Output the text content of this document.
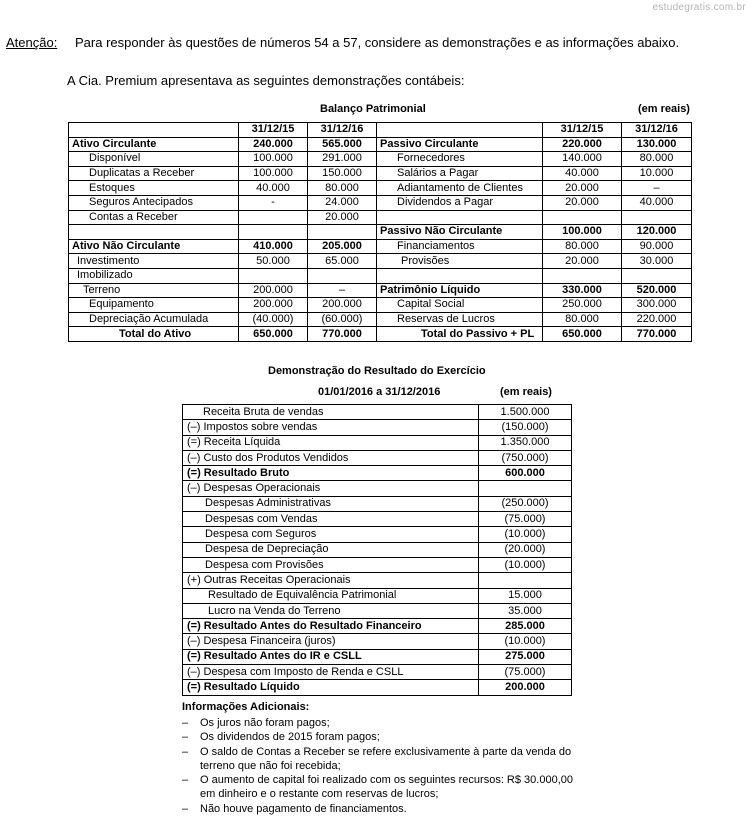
estudegratis.com.br
Atenção: Para responder às questões de números 54 a 57, considere as demonstrações e as informações abaixo.
A Cia. Premium apresentava as seguintes demonstrações contábeis:
Balanço Patrimonial	(em reais)
	31/12/15	31/12/16		31/12/15	31/12/16
Ativo Circulante	240.000	565.000	Passivo Circulante	220.000	130.000
Disponível	100.000	291.000	Fornecedores	140.000	80.000
Duplicatas a Receber	100.000	150.000	Salários a Pagar	40.000	10.000
Estoques	40.000	80.000	Adiantamento de Clientes	20.000	–
Seguros Antecipados	-	24.000	Dividendos a Pagar	20.000	40.000
Contas a Receber		20.000			
			Passivo Não Circulante	100.000	120.000
Ativo Não Circulante	410.000	205.000	Financiamentos	80.000	90.000
Investimento	50.000	65.000	Provisões	20.000	30.000
Imobilizado					
Terreno	200.000	–	Patrimônio Líquido	330.000	520.000
Equipamento	200.000	200.000	Capital Social	250.000	300.000
Depreciação Acumulada	(40.000)	(60.000)	Reservas de Lucros	80.000	220.000
Total do Ativo	650.000	770.000	Total do Passivo + PL	650.000	770.000
Demonstração do Resultado do Exercício
01/01/2016 a 31/12/2016	(em reais)
Receita Bruta de vendas	1.500.000
(–) Impostos sobre vendas	(150.000)
(=) Receita Líquida	1.350.000
(–) Custo dos Produtos Vendidos	(750.000)
(=) Resultado Bruto	600.000
(–) Despesas Operacionais	
Despesas Administrativas	(250.000)
Despesas com Vendas	(75.000)
Despesa com Seguros	(10.000)
Despesa de Depreciação	(20.000)
Despesa com Provisões	(10.000)
(+) Outras Receitas Operacionais	
Resultado de Equivalência Patrimonial	15.000
Lucro na Venda do Terreno	35.000
(=) Resultado Antes do Resultado Financeiro	285.000
(–) Despesa Financeira (juros)	(10.000)
(=) Resultado Antes do IR e CSLL	275.000
(–) Despesa com Imposto de Renda e CSLL	(75.000)
(=) Resultado Líquido	200.000
Informações Adicionais:
– Os juros não foram pagos;
– Os dividendos de 2015 foram pagos;
– O saldo de Contas a Receber se refere exclusivamente à parte da venda do terreno que não foi recebida;
– O aumento de capital foi realizado com os seguintes recursos: R$ 30.000,00 em dinheiro e o restante com reservas de lucros;
– Não houve pagamento de financiamentos.
